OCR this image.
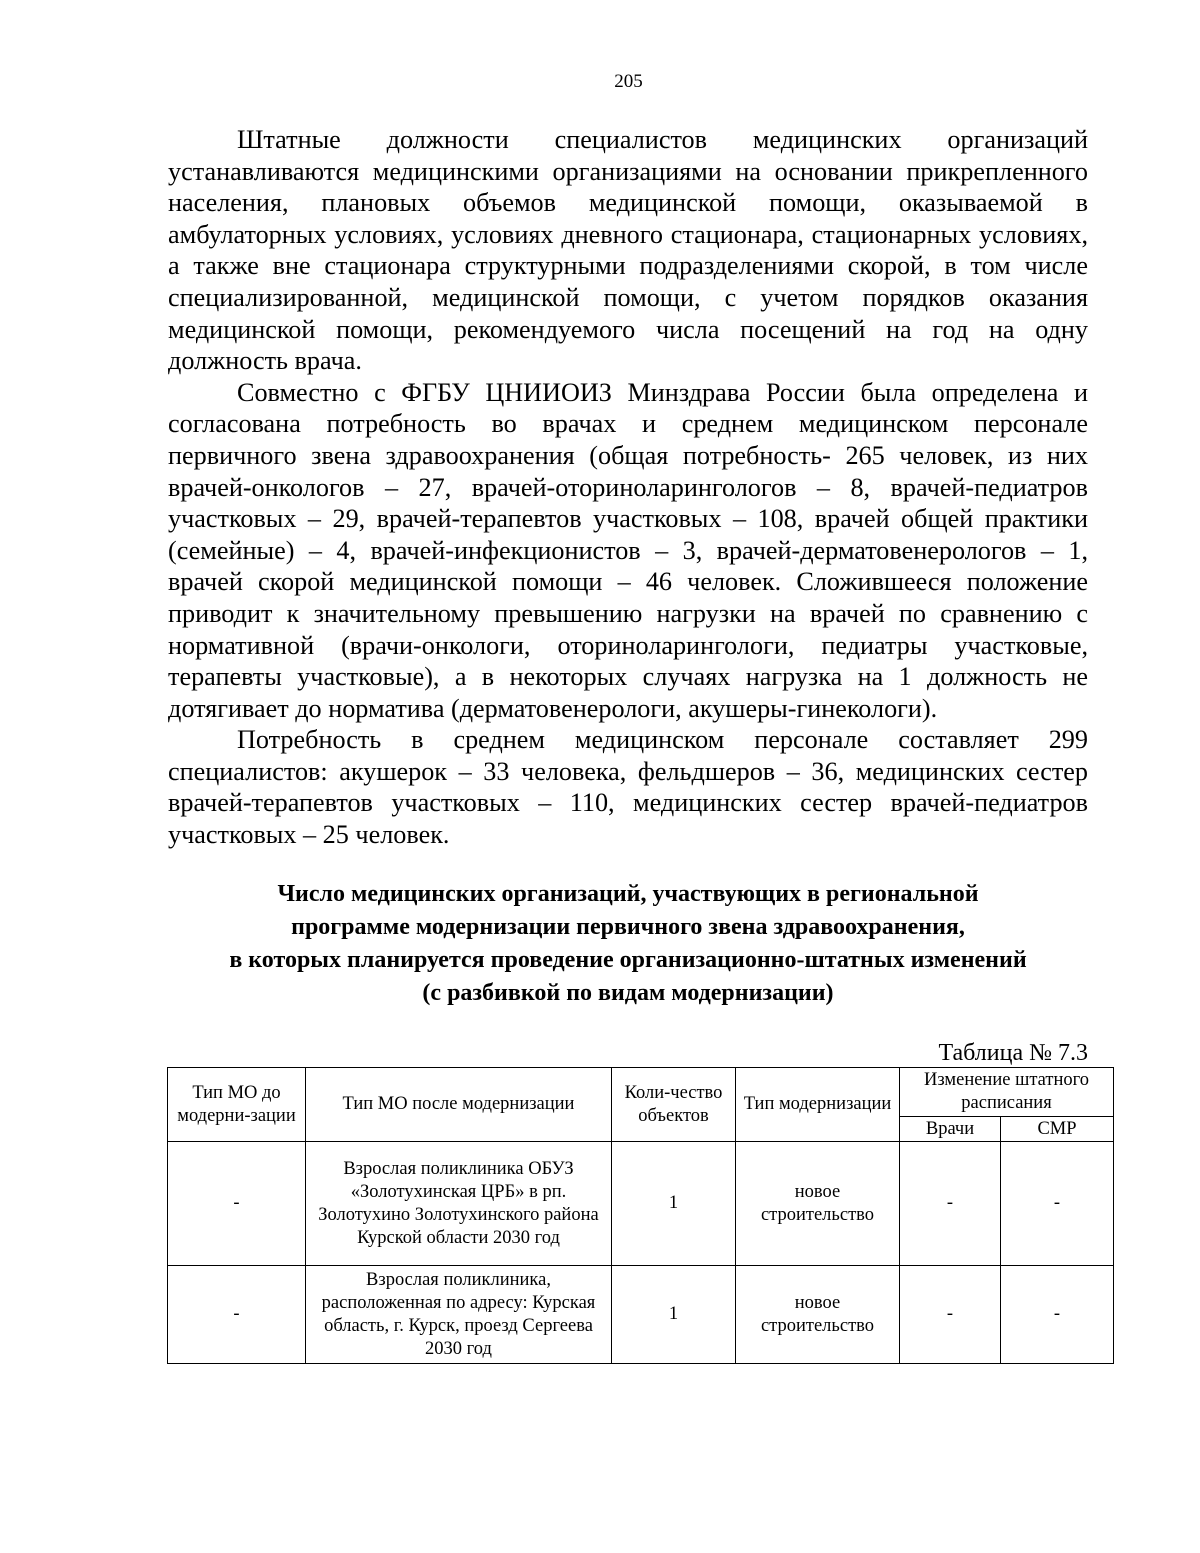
205

Штатные должности специалистов медицинских организаций устанавливаются медицинскими организациями на основании прикрепленного населения, плановых объемов медицинской помощи, оказываемой в амбулаторных условиях, условиях дневного стационара, стационарных условиях, а также вне стационара структурными подразделениями скорой, в том числе специализированной, медицинской помощи, с учетом порядков оказания медицинской помощи, рекомендуемого числа посещений на год на одну должность врача.

Совместно с ФГБУ ЦНИИОИЗ Минздрава России была определена и согласована потребность во врачах и среднем медицинском персонале первичного звена здравоохранения (общая потребность- 265 человек, из них врачей-онкологов – 27, врачей-оториноларингологов – 8, врачей-педиатров участковых – 29, врачей-терапевтов участковых – 108, врачей общей практики (семейные) – 4, врачей-инфекционистов – 3, врачей-дерматовенерологов – 1, врачей скорой медицинской помощи – 46 человек. Сложившееся положение приводит к значительному превышению нагрузки на врачей по сравнению с нормативной (врачи-онкологи, оториноларингологи, педиатры участковые, терапевты участковые), а в некоторых случаях нагрузка на 1 должность не дотягивает до норматива (дерматовенерологи, акушеры-гинекологи).

Потребность в среднем медицинском персонале составляет 299 специалистов: акушерок – 33 человека, фельдшеров – 36, медицинских сестер врачей-терапевтов участковых – 110, медицинских сестер врачей-педиатров участковых – 25 человек.

Число медицинских организаций, участвующих в региональной
программе модернизации первичного звена здравоохранения,
в которых планируется проведение организационно-штатных изменений
(с разбивкой по видам модернизации)
Таблица № 7.3
Тип МО до модерни-зации	Тип МО после модернизации	Коли-чество объектов	Тип модернизации	Изменение штатного расписания	
				Врачи	СМР
-	Взрослая поликлиника ОБУЗ «Золотухинская ЦРБ» в рп. Золотухино Золотухинского района Курской области 2030 год	1	новое строительство	-	-
-	Взрослая поликлиника, расположенная по адресу: Курская область, г. Курск, проезд Сергеева 2030 год	1	новое строительство	-	-
